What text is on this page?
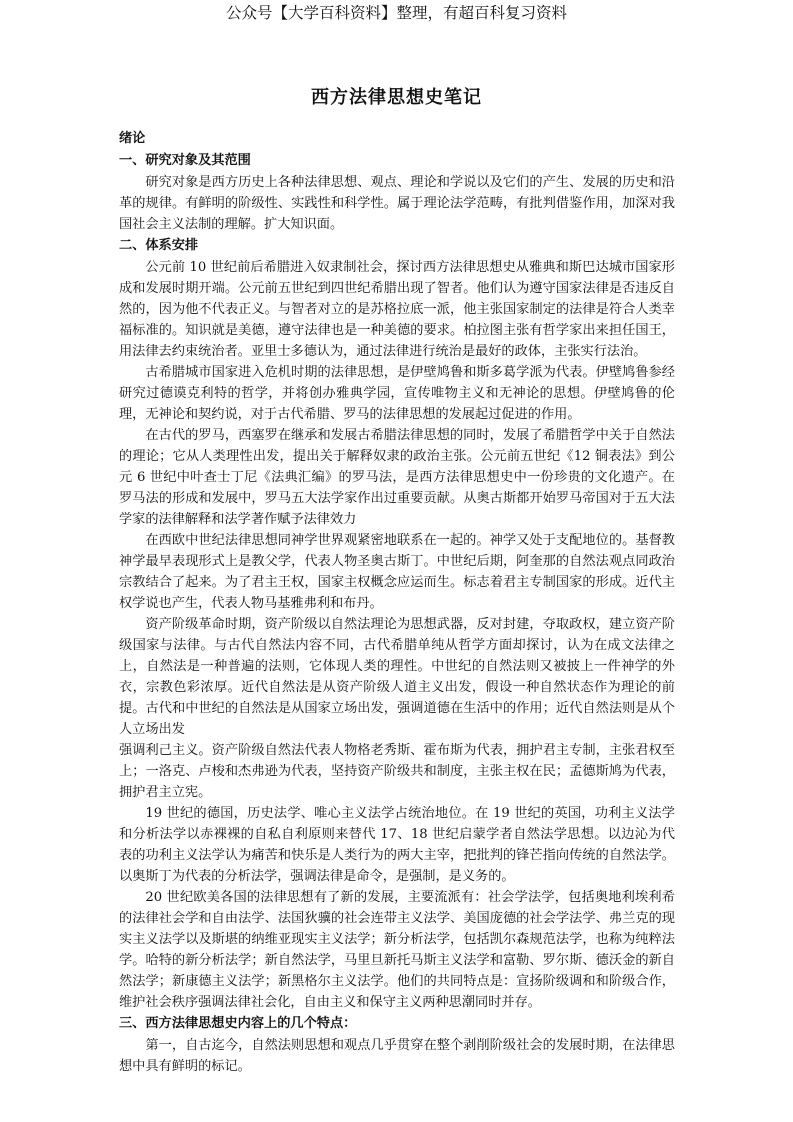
公众号【大学百科资料】整理，有超百科复习资料
西方法律思想史笔记
绪论
一、研究对象及其范围

研究对象是西方历史上各种法律思想、观点、理论和学说以及它们的产生、发展的历史和沿革的规律。有鲜明的阶级性、实践性和科学性。属于理论法学范畴，有批判借鉴作用，加深对我国社会主义法制的理解。扩大知识面。

二、体系安排

公元前 10 世纪前后希腊进入奴隶制社会，探讨西方法律思想史从雅典和斯巴达城市国家形成和发展时期开端。公元前五世纪到四世纪希腊出现了智者。他们认为遵守国家法律是否违反自然的，因为他不代表正义。与智者对立的是苏格拉底一派，他主张国家制定的法律是符合人类幸福标准的。知识就是美德，遵守法律也是一种美德的要求。柏拉图主张有哲学家出来担任国王，用法律去约束统治者。亚里士多德认为，通过法律进行统治是最好的政体，主张实行法治。

古希腊城市国家进入危机时期的法律思想，是伊壁鸠鲁和斯多葛学派为代表。伊壁鸠鲁参经研究过德谟克利特的哲学，并将创办雅典学园，宣传唯物主义和无神论的思想。伊壁鸠鲁的伦理，无神论和契约说，对于古代希腊、罗马的法律思想的发展起过促进的作用。

在古代的罗马，西塞罗在继承和发展古希腊法律思想的同时，发展了希腊哲学中关于自然法的理论；它从人类理性出发，提出关于解释奴隶的政治主张。公元前五世纪《12 铜表法》到公元 6 世纪中叶查士丁尼《法典汇编》的罗马法，是西方法律思想史中一份珍贵的文化遗产。在罗马法的形成和发展中，罗马五大法学家作出过重要贡献。从奥古斯都开始罗马帝国对于五大法学家的法律解释和法学著作赋予法律效力

在西欧中世纪法律思想同神学世界观紧密地联系在一起的。神学又处于支配地位的。基督教神学最早表现形式上是教父学，代表人物圣奥古斯丁。中世纪后期，阿奎那的自然法观点同政治宗教结合了起来。为了君主王权，国家主权概念应运而生。标志着君主专制国家的形成。近代主权学说也产生，代表人物马基雅弗利和布丹。

资产阶级革命时期，资产阶级以自然法理论为思想武器，反对封建，夺取政权，建立资产阶级国家与法律。与古代自然法内容不同，古代希腊单纯从哲学方面却探讨，认为在成文法律之上，自然法是一种普遍的法则，它体现人类的理性。中世纪的自然法则又被披上一件神学的外衣，宗教色彩浓厚。近代自然法是从资产阶级人道主义出发，假设一种自然状态作为理论的前提。古代和中世纪的自然法是从国家立场出发，强调道德在生活中的作用；近代自然法则是从个人立场出发

强调利己主义。资产阶级自然法代表人物格老秀斯、霍布斯为代表，拥护君主专制，主张君权至上；一洛克、卢梭和杰弗逊为代表，坚持资产阶级共和制度，主张主权在民；孟德斯鸠为代表，拥护君主立宪。

19 世纪的德国，历史法学、唯心主义法学占统治地位。在 19 世纪的英国，功利主义法学和分析法学以赤裸裸的自私自利原则来替代 17、18 世纪启蒙学者自然法学思想。以边沁为代表的功利主义法学认为痛苦和快乐是人类行为的两大主宰，把批判的锋芒指向传统的自然法学。以奥斯丁为代表的分析法学，强调法律是命令，是强制，是义务的。

20 世纪欧美各国的法律思想有了新的发展，主要流派有：社会学法学，包括奥地利埃利希的法律社会学和自由法学、法国狄骥的社会连带主义法学、美国庞德的社会学法学、弗兰克的现实主义法学以及斯堪的纳维亚现实主义法学；新分析法学，包括凯尔森规范法学，也称为纯粹法学。哈特的新分析法学；新自然法学，马里旦新托马斯主义法学和富勒、罗尔斯、德沃金的新自然法学；新康德主义法学；新黑格尔主义法学。他们的共同特点是：宣扬阶级调和和阶级合作，维护社会秩序强调法律社会化，自由主义和保守主义两种思潮同时并存。

三、西方法律思想史内容上的几个特点：

第一，自古迄今，自然法则思想和观点几乎贯穿在整个剥削阶级社会的发展时期，在法律思想中具有鲜明的标记。
